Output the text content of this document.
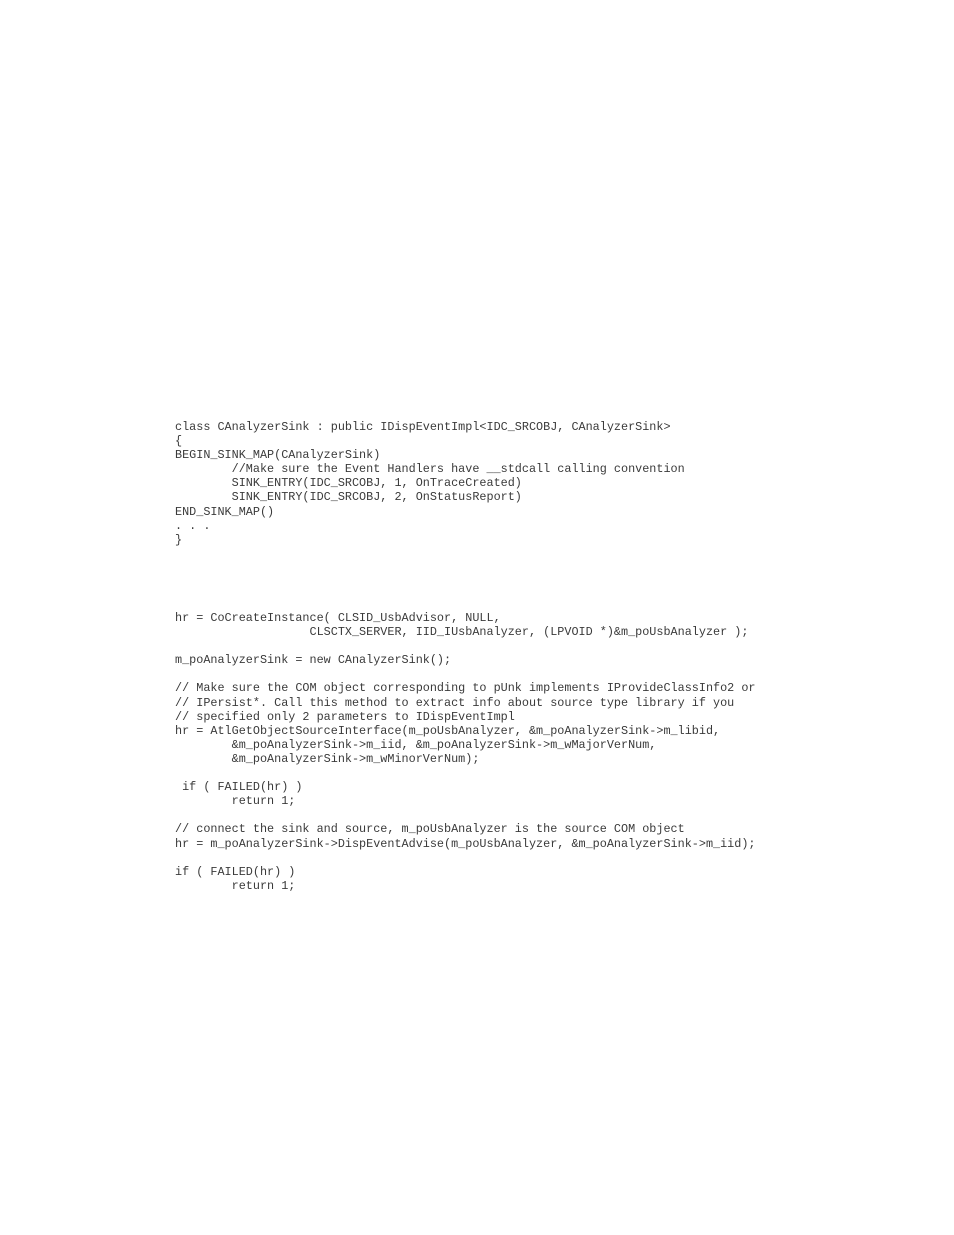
class CAnalyzerSink : public IDispEventImpl<IDC_SRCOBJ, CAnalyzerSink>
{
BEGIN_SINK_MAP(CAnalyzerSink)
//Make sure the Event Handlers have __stdcall calling convention
SINK_ENTRY(IDC_SRCOBJ, 1, OnTraceCreated)
SINK_ENTRY(IDC_SRCOBJ, 2, OnStatusReport)
END_SINK_MAP()
. . .
}
hr = CoCreateInstance( CLSID_UsbAdvisor, NULL,
CLSCTX_SERVER, IID_IUsbAnalyzer, (LPVOID *)&m_poUsbAnalyzer );
m_poAnalyzerSink = new CAnalyzerSink();
// Make sure the COM object corresponding to pUnk implements IProvideClassInfo2 or
// IPersist*. Call this method to extract info about source type library if you
// specified only 2 parameters to IDispEventImpl
hr = AtlGetObjectSourceInterface(m_poUsbAnalyzer, &m_poAnalyzerSink->m_libid,
&m_poAnalyzerSink->m_iid, &m_poAnalyzerSink->m_wMajorVerNum,
&m_poAnalyzerSink->m_wMinorVerNum);
if ( FAILED(hr) )
return 1;
// connect the sink and source, m_poUsbAnalyzer is the source COM object
hr = m_poAnalyzerSink->DispEventAdvise(m_poUsbAnalyzer, &m_poAnalyzerSink->m_iid);
if ( FAILED(hr) )
return 1;
